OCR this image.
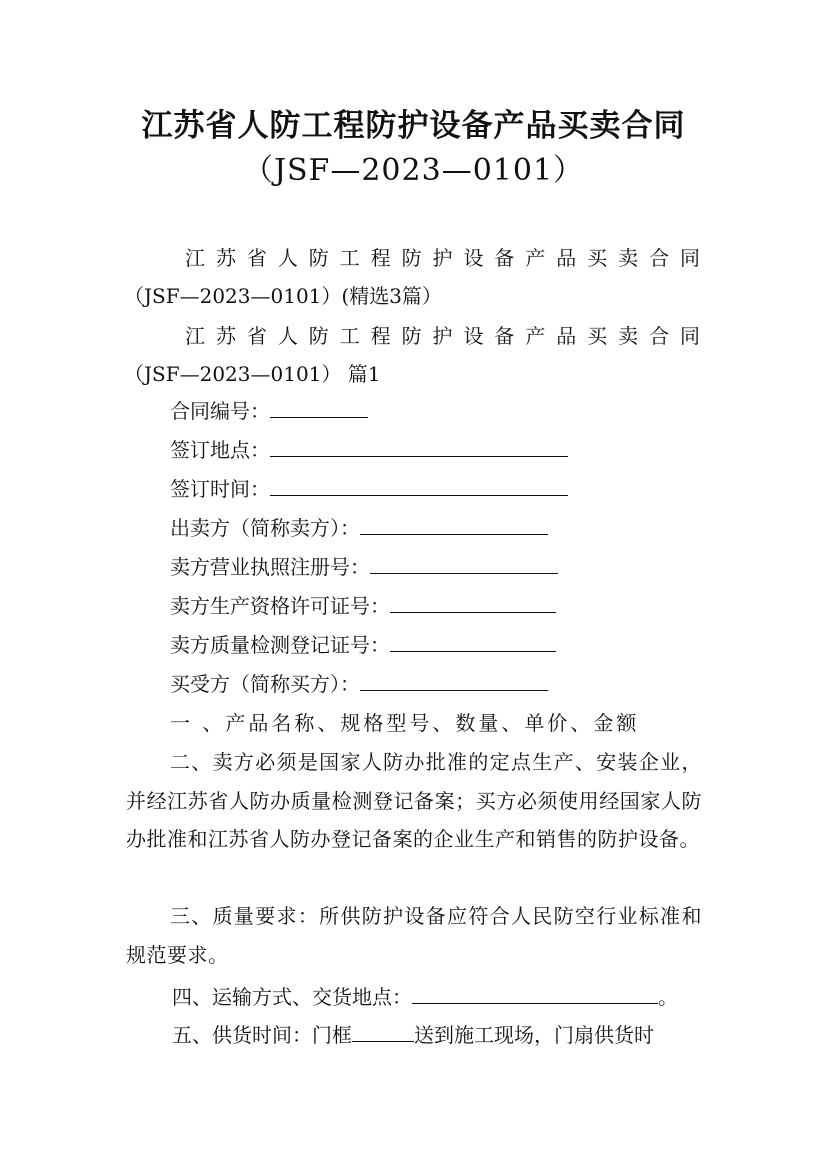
江苏省人防工程防护设备产品买卖合同
（JSF—2023—0101）
江 苏 省 人 防 工 程 防 护 设 备 产 品 买 卖 合 同
（JSF—2023—0101）(精选3篇）
江 苏 省 人 防 工 程 防 护 设 备 产 品 买 卖 合 同
（JSF—2023—0101） 篇1
合同编号：
签订地点：
签订时间：
出卖方（简称卖方）：
卖方营业执照注册号：
卖方生产资格许可证号：
卖方质量检测登记证号：
买受方（简称买方）：
一 、产品名称、规格型号、数量、单价、金额
二、卖方必须是国家人防办批准的定点生产、安装企业，并经江苏省人防办质量检测登记备案；买方必须使用经国家人防办批准和江苏省人防办登记备案的企业生产和销售的防护设备。
三、质量要求：所供防护设备应符合人民防空行业标准和规范要求。
四、运输方式、交货地点：	。
五、供货时间：门框	送到施工现场，门扇供货时
